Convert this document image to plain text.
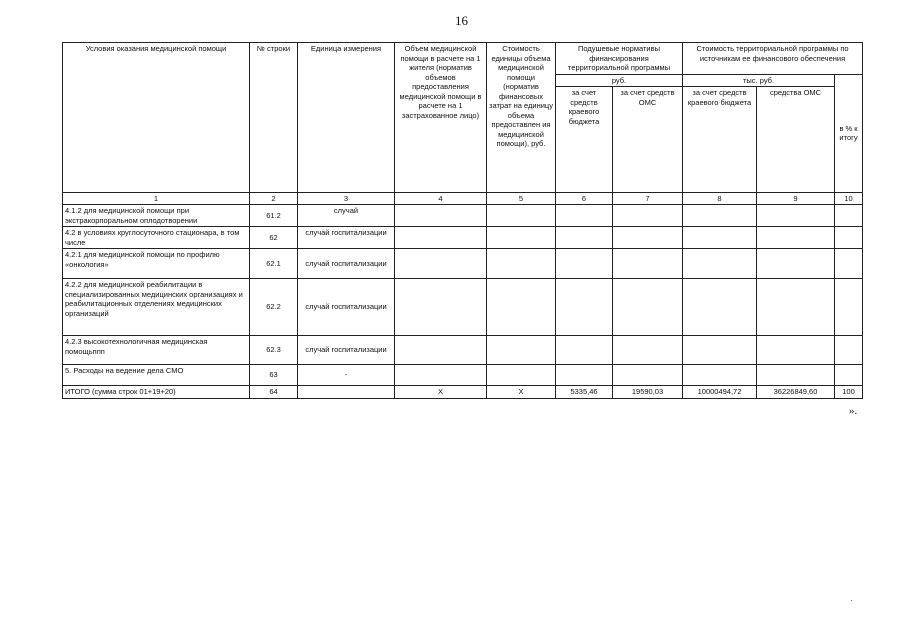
16
Условия оказания медицинской помощи	№ строки	Единица измерения	Объем медицинской помощи в расчете на 1 жителя (норматив объемов предоставления медицинской помощи в расчете на 1 застрахованное лицо)	Стоимость единицы объема медицинской помощи (норматив финансовых затрат на единицу объема предоставлен ия медицинской помощи), руб.	Подушевые нормативы финансирования территориальной программы		Стоимость территориальной программы по источникам ее финансового обеспечения		
					руб.		тыс. руб.		в % к итогу
					за счет средств краевого бюджета	за счет средств ОМС	за счет средств краевого бюджета	средства ОМС	
1	2	3	4	5	6	7	8	9	10
4.1.2 для медицинской помощи при экстракорпоральном оплодотворении	61.2	случай							
4.2 в условиях круглосуточного стационара, в том числе	62	случай госпитализации							
4.2.1 для медицинской помощи по профилю «онкология»	62.1	случай госпитализации							
4.2.2 для медицинской реабилитации в специализированных медицинских организациях и реабилитационных отделениях медицинских организаций	62.2	случай госпитализации							
4.2.3 высокотехнологичная медицинская помощьппп	62.3	случай госпитализации							
5. Расходы на ведение дела СМО	63	-							
ИТОГО (сумма строк 01+19+20)	64		X	X	5335,46	19590,03	10000494,72	36226849,60	100
».
